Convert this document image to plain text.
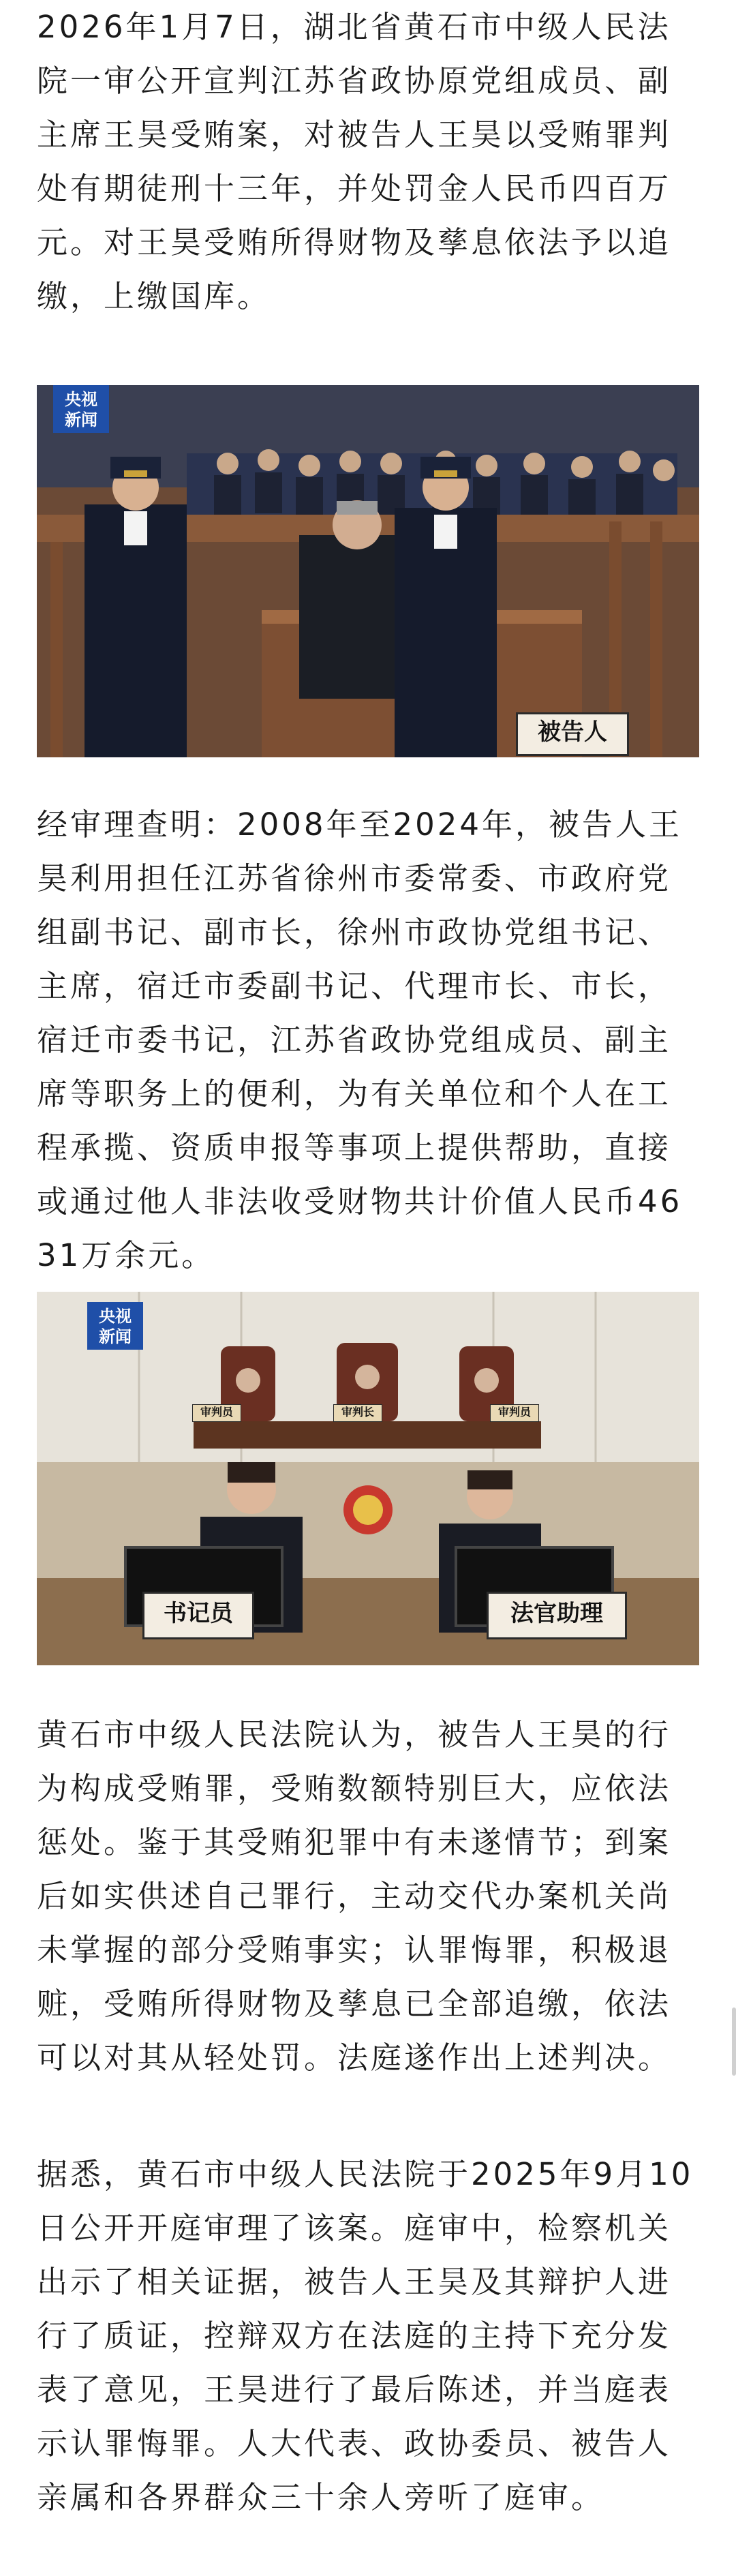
2026年1月7日，湖北省黄石市中级人民法院一审公开宣判江苏省政协原党组成员、副主席王昊受贿案，对被告人王昊以受贿罪判处有期徒刑十三年，并处罚金人民币四百万元。对王昊受贿所得财物及孳息依法予以追缴，上缴国库。

央视
新闻
被告人

经审理查明：2008年至2024年，被告人王昊利用担任江苏省徐州市委常委、市政府党组副书记、副市长，徐州市政协党组书记、主席，宿迁市委副书记、代理市长、市长，宿迁市委书记，江苏省政协党组成员、副主席等职务上的便利，为有关单位和个人在工程承揽、资质申报等事项上提供帮助，直接或通过他人非法收受财物共计价值人民币4631万余元。

央视
新闻
审判员	审判长	审判员
书记员	法官助理

黄石市中级人民法院认为，被告人王昊的行为构成受贿罪，受贿数额特别巨大，应依法惩处。鉴于其受贿犯罪中有未遂情节；到案后如实供述自己罪行，主动交代办案机关尚未掌握的部分受贿事实；认罪悔罪，积极退赃，受贿所得财物及孳息已全部追缴，依法可以对其从轻处罚。法庭遂作出上述判决。

据悉，黄石市中级人民法院于2025年9月10日公开开庭审理了该案。庭审中，检察机关出示了相关证据，被告人王昊及其辩护人进行了质证，控辩双方在法庭的主持下充分发表了意见，王昊进行了最后陈述，并当庭表示认罪悔罪。人大代表、政协委员、被告人亲属和各界群众三十余人旁听了庭审。
